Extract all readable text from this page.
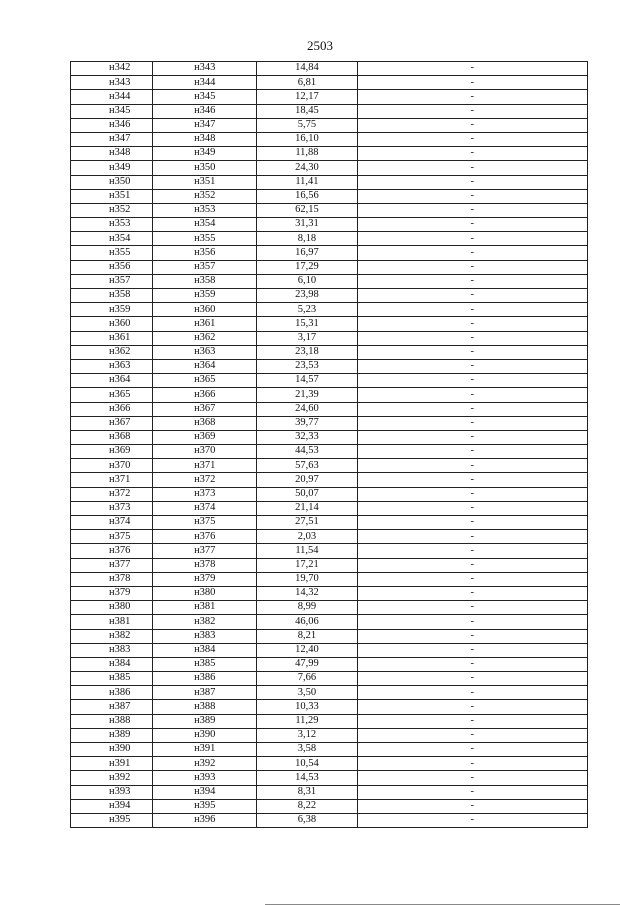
2503
н342	н343	14,84	-
н343	н344	6,81	-
н344	н345	12,17	-
н345	н346	18,45	-
н346	н347	5,75	-
н347	н348	16,10	-
н348	н349	11,88	-
н349	н350	24,30	-
н350	н351	11,41	-
н351	н352	16,56	-
н352	н353	62,15	-
н353	н354	31,31	-
н354	н355	8,18	-
н355	н356	16,97	-
н356	н357	17,29	-
н357	н358	6,10	-
н358	н359	23,98	-
н359	н360	5,23	-
н360	н361	15,31	-
н361	н362	3,17	-
н362	н363	23,18	-
н363	н364	23,53	-
н364	н365	14,57	-
н365	н366	21,39	-
н366	н367	24,60	-
н367	н368	39,77	-
н368	н369	32,33	-
н369	н370	44,53	-
н370	н371	57,63	-
н371	н372	20,97	-
н372	н373	50,07	-
н373	н374	21,14	-
н374	н375	27,51	-
н375	н376	2,03	-
н376	н377	11,54	-
н377	н378	17,21	-
н378	н379	19,70	-
н379	н380	14,32	-
н380	н381	8,99	-
н381	н382	46,06	-
н382	н383	8,21	-
н383	н384	12,40	-
н384	н385	47,99	-
н385	н386	7,66	-
н386	н387	3,50	-
н387	н388	10,33	-
н388	н389	11,29	-
н389	н390	3,12	-
н390	н391	3,58	-
н391	н392	10,54	-
н392	н393	14,53	-
н393	н394	8,31	-
н394	н395	8,22	-
н395	н396	6,38	-
